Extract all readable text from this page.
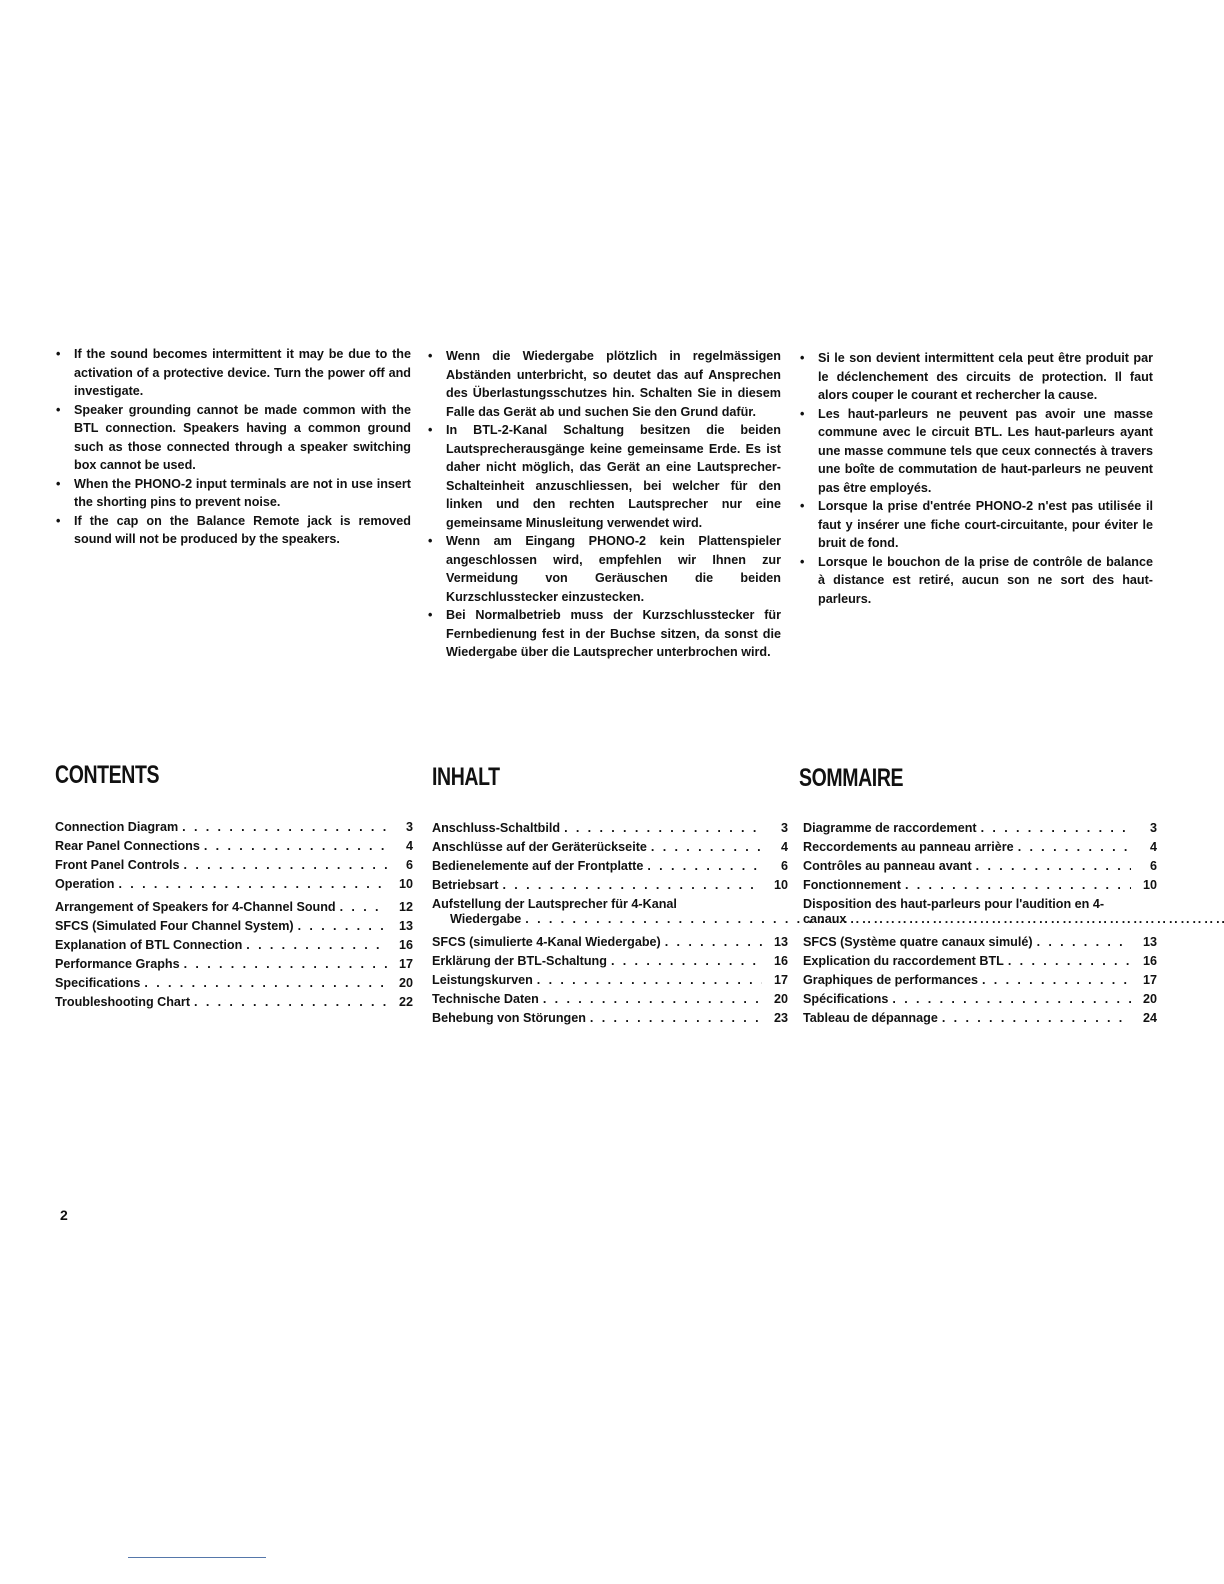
• If the sound becomes intermittent it may be due to the activation of a protective device. Turn the power off and investigate.
• Speaker grounding cannot be made common with the BTL connection. Speakers having a common ground such as those connected through a speaker switching box cannot be used.
• When the PHONO-2 input terminals are not in use insert the shorting pins to prevent noise.
• If the cap on the Balance Remote jack is removed sound will not be produced by the speakers.
• Wenn die Wiedergabe plötzlich in regelmässigen Abständen unterbricht, so deutet das auf Ansprechen des Überlastungsschutzes hin. Schalten Sie in diesem Falle das Gerät ab und suchen Sie den Grund dafür.
• In BTL-2-Kanal Schaltung besitzen die beiden Lautsprecherausgänge keine gemeinsame Erde. Es ist daher nicht möglich, das Gerät an eine Lautsprecher-Schalteinheit anzuschliessen, bei welcher für den linken und den rechten Lautsprecher nur eine gemeinsame Minusleitung verwendet wird.
• Wenn am Eingang PHONO-2 kein Plattenspieler angeschlossen wird, empfehlen wir Ihnen zur Vermeidung von Geräuschen die beiden Kurzschlusstecker einzustecken.
• Bei Normalbetrieb muss der Kurzschlusstecker für Fernbedienung fest in der Buchse sitzen, da sonst die Wiedergabe über die Lautsprecher unterbrochen wird.
• Si le son devient intermittent cela peut être produit par le déclenchement des circuits de protection. Il faut alors couper le courant et rechercher la cause.
• Les haut-parleurs ne peuvent pas avoir une masse commune avec le circuit BTL. Les haut-parleurs ayant une masse commune tels que ceux connectés à travers une boîte de commutation de haut-parleurs ne peuvent pas être employés.
• Lorsque la prise d'entrée PHONO-2 n'est pas utilisée il faut y insérer une fiche court-circuitante, pour éviter le bruit de fond.
• Lorsque le bouchon de la prise de contrôle de balance à distance est retiré, aucun son ne sort des haut-parleurs.
CONTENTS	INHALT	SOMMAIRE
Connection Diagram . . .	3
Rear Panel Connections . . .	4
Front Panel Controls . . .	6
Operation . . .	10
Arrangement of Speakers for 4-Channel Sound . . .	12
SFCS (Simulated Four Channel System) . . .	13
Explanation of BTL Connection . . .	16
Performance Graphs . . .	17
Specifications . . .	20
Troubleshooting Chart . . .	22
Anschluss-Schaltbild . . .	3
Anschlüsse auf der Geräterückseite . . .	4
Bedienelemente auf der Frontplatte . . .	6
Betriebsart . . .	10
Aufstellung der Lautsprecher für 4-Kanal
Wiedergabe
. . .
SFCS (simulierte 4-Kanal Wiedergabe) . . .	13
Erklärung der BTL-Schaltung . . .	16
Leistungskurven . . .	17
Technische Daten . . .	20
Behebung von Störungen . . .	23
Diagramme de raccordement . . .	3
Reccordements au panneau arrière . . .	4
Contrôles au panneau avant . . .	6
Fonctionnement . . .	10
Disposition des haut-parleurs pour l'audition en 4-
canaux
. . .
SFCS (Système quatre canaux simulé) . . .	13
Explication du raccordement BTL . . .	16
Graphiques de performances . . .	17
Spécifications . . .	20
Tableau de dépannage . . .	24
2
